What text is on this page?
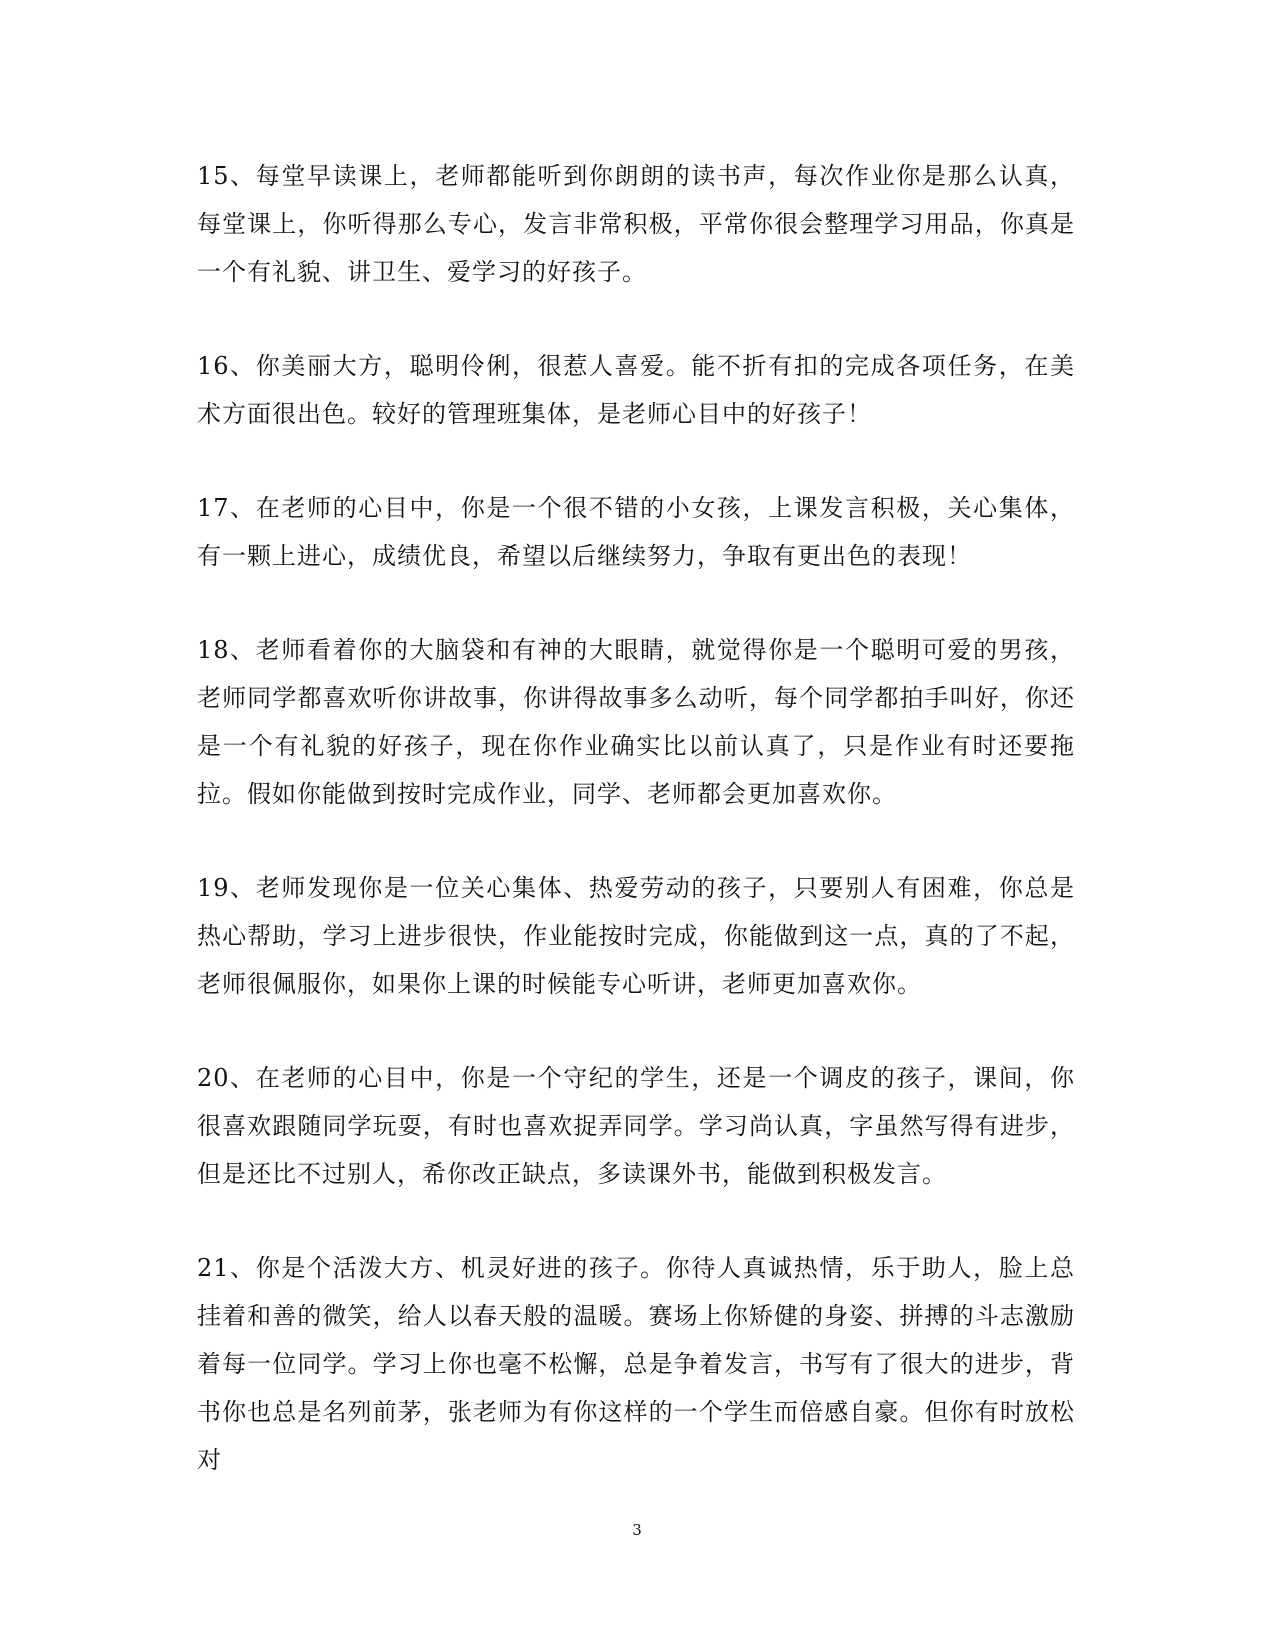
15、每堂早读课上，老师都能听到你朗朗的读书声，每次作业你是那么认真，每堂课上，你听得那么专心，发言非常积极，平常你很会整理学习用品，你真是一个有礼貌、讲卫生、爱学习的好孩子。

16、你美丽大方，聪明伶俐，很惹人喜爱。能不折有扣的完成各项任务，在美术方面很出色。较好的管理班集体，是老师心目中的好孩子！

17、在老师的心目中，你是一个很不错的小女孩，上课发言积极，关心集体，有一颗上进心，成绩优良，希望以后继续努力，争取有更出色的表现！

18、老师看着你的大脑袋和有神的大眼睛，就觉得你是一个聪明可爱的男孩，老师同学都喜欢听你讲故事，你讲得故事多么动听，每个同学都拍手叫好，你还是一个有礼貌的好孩子，现在你作业确实比以前认真了，只是作业有时还要拖拉。假如你能做到按时完成作业，同学、老师都会更加喜欢你。

19、老师发现你是一位关心集体、热爱劳动的孩子，只要别人有困难，你总是热心帮助，学习上进步很快，作业能按时完成，你能做到这一点，真的了不起，老师很佩服你，如果你上课的时候能专心听讲，老师更加喜欢你。

20、在老师的心目中，你是一个守纪的学生，还是一个调皮的孩子，课间，你很喜欢跟随同学玩耍，有时也喜欢捉弄同学。学习尚认真，字虽然写得有进步，但是还比不过别人，希你改正缺点，多读课外书，能做到积极发言。

21、你是个活泼大方、机灵好进的孩子。你待人真诚热情，乐于助人，脸上总挂着和善的微笑，给人以春天般的温暖。赛场上你矫健的身姿、拼搏的斗志激励着每一位同学。学习上你也毫不松懈，总是争着发言，书写有了很大的进步，背书你也总是名列前茅，张老师为有你这样的一个学生而倍感自豪。但你有时放松对

3
